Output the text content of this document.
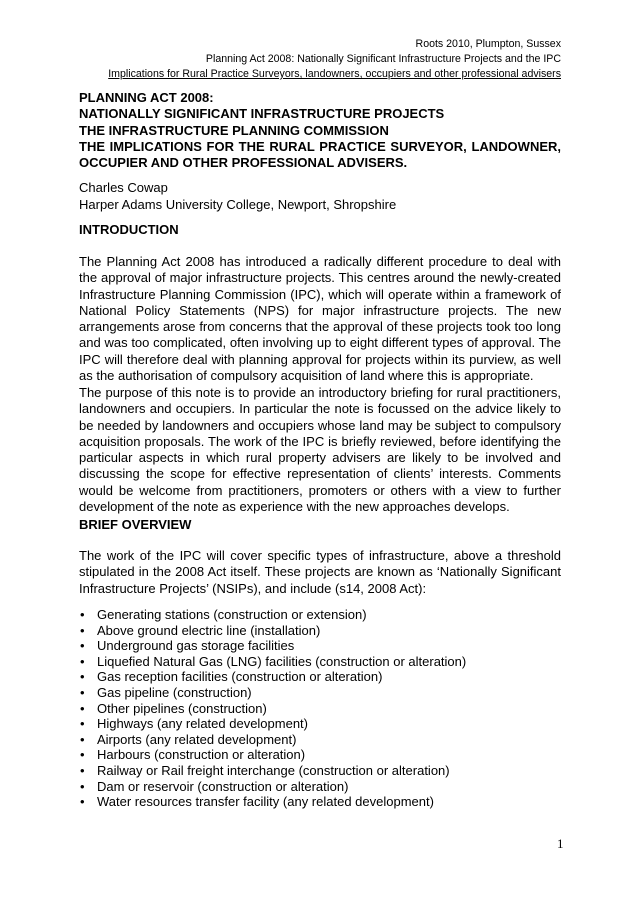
Roots 2010, Plumpton, Sussex
Planning Act 2008: Nationally Significant Infrastructure Projects and the IPC
Implications for Rural Practice Surveyors, landowners, occupiers and other professional advisers
PLANNING ACT 2008:
NATIONALLY SIGNIFICANT INFRASTRUCTURE PROJECTS
THE INFRASTRUCTURE PLANNING COMMISSION
THE IMPLICATIONS FOR THE RURAL PRACTICE SURVEYOR, LANDOWNER,
OCCUPIER AND OTHER PROFESSIONAL ADVISERS.
Charles Cowap
Harper Adams University College, Newport, Shropshire
INTRODUCTION
The Planning Act 2008 has introduced a radically different procedure to deal with the approval of major infrastructure projects. This centres around the newly-created Infrastructure Planning Commission (IPC), which will operate within a framework of National Policy Statements (NPS) for major infrastructure projects. The new arrangements arose from concerns that the approval of these projects took too long and was too complicated, often involving up to eight different types of approval. The IPC will therefore deal with planning approval for projects within its purview, as well as the authorisation of compulsory acquisition of land where this is appropriate.
The purpose of this note is to provide an introductory briefing for rural practitioners, landowners and occupiers. In particular the note is focussed on the advice likely to be needed by landowners and occupiers whose land may be subject to compulsory acquisition proposals. The work of the IPC is briefly reviewed, before identifying the particular aspects in which rural property advisers are likely to be involved and discussing the scope for effective representation of clients’ interests. Comments would be welcome from practitioners, promoters or others with a view to further development of the note as experience with the new approaches develops.
BRIEF OVERVIEW
The work of the IPC will cover specific types of infrastructure, above a threshold stipulated in the 2008 Act itself. These projects are known as ‘Nationally Significant Infrastructure Projects’ (NSIPs), and include (s14, 2008 Act):
• Generating stations (construction or extension)
• Above ground electric line (installation)
• Underground gas storage facilities
• Liquefied Natural Gas (LNG) facilities (construction or alteration)
• Gas reception facilities (construction or alteration)
• Gas pipeline (construction)
• Other pipelines (construction)
• Highways (any related development)
• Airports (any related development)
• Harbours (construction or alteration)
• Railway or Rail freight interchange (construction or alteration)
• Dam or reservoir (construction or alteration)
• Water resources transfer facility (any related development)
1
